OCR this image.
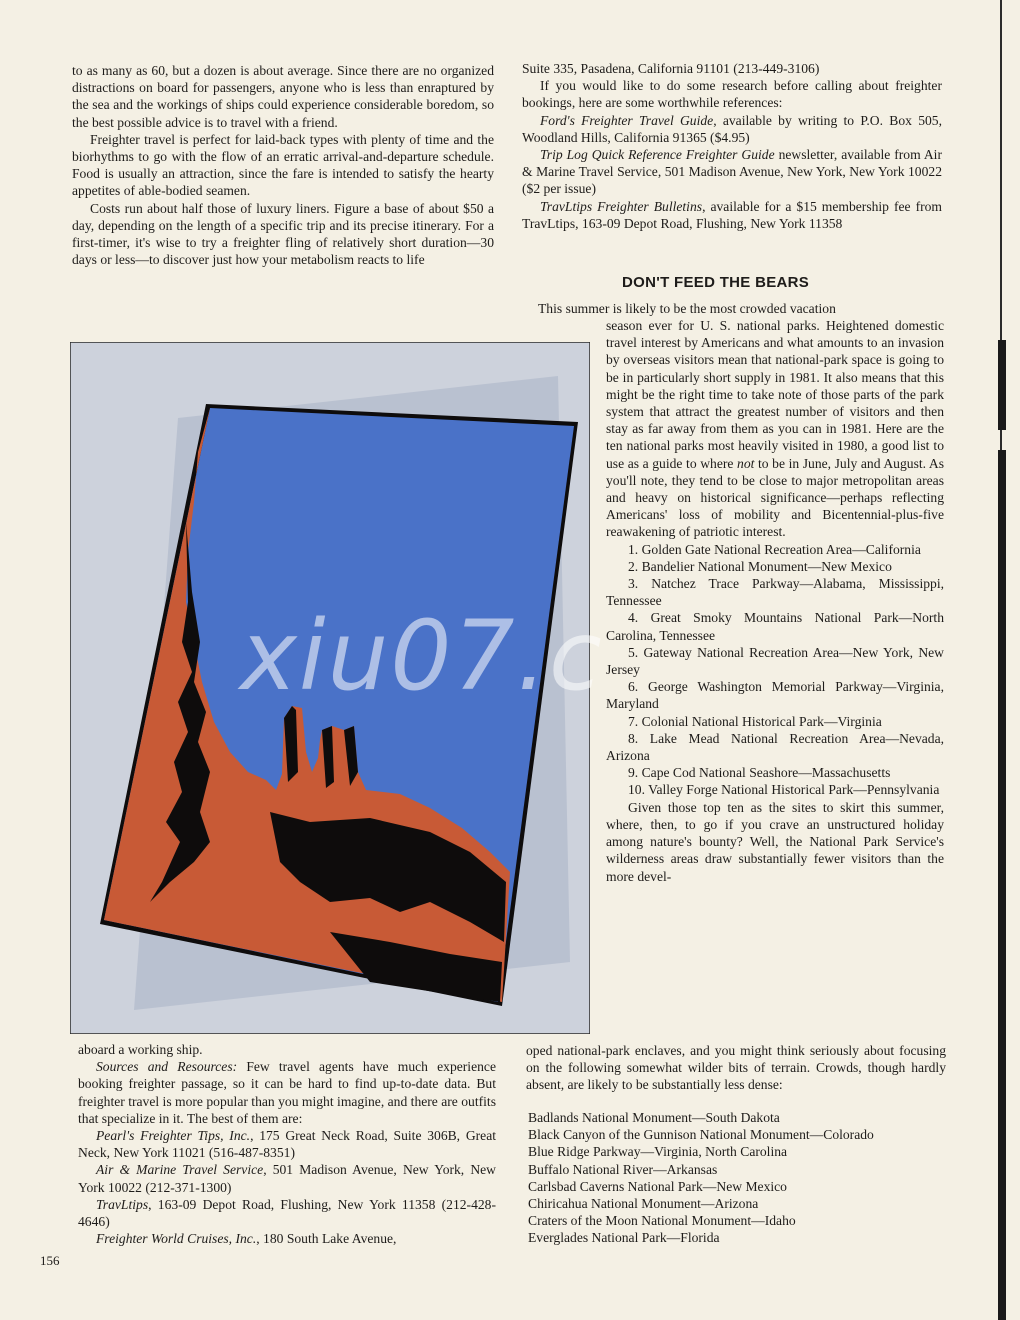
to as many as 60, but a dozen is about average. Since there are no organized distractions on board for passengers, anyone who is less than enraptured by the sea and the workings of ships could experience considerable boredom, so the best possible advice is to travel with a friend.

Freighter travel is perfect for laid-back types with plenty of time and the biorhythms to go with the flow of an erratic arrival-and-departure schedule. Food is usually an attraction, since the fare is intended to satisfy the hearty appetites of able-bodied seamen.

Costs run about half those of luxury liners. Figure a base of about $50 a day, depending on the length of a specific trip and its precise itinerary. For a first-timer, it's wise to try a freighter fling of relatively short duration—30 days or less—to discover just how your metabolism reacts to life

aboard a working ship.

Sources and Resources: Few travel agents have much experience booking freighter passage, so it can be hard to find up-to-date data. But freighter travel is more popular than you might imagine, and there are outfits that specialize in it. The best of them are:

Pearl's Freighter Tips, Inc., 175 Great Neck Road, Suite 306B, Great Neck, New York 11021 (516-487-8351)

Air & Marine Travel Service, 501 Madison Avenue, New York, New York 10022 (212-371-1300)

TravLtips, 163-09 Depot Road, Flushing, New York 11358 (212-428-4646)

Freighter World Cruises, Inc., 180 South Lake Avenue,

Suite 335, Pasadena, California 91101 (213-449-3106)

If you would like to do some research before calling about freighter bookings, here are some worthwhile references:

Ford's Freighter Travel Guide, available by writing to P.O. Box 505, Woodland Hills, California 91365 ($4.95)

Trip Log Quick Reference Freighter Guide newsletter, available from Air & Marine Travel Service, 501 Madison Avenue, New York, New York 10022 ($2 per issue)

TravLtips Freighter Bulletins, available for a $15 membership fee from TravLtips, 163-09 Depot Road, Flushing, New York 11358

DON'T FEED THE BEARS
This summer is likely to be the most crowded vacation

season ever for U. S. national parks. Heightened domestic travel interest by Americans and what amounts to an invasion by overseas visitors mean that national-park space is going to be in particularly short supply in 1981. It also means that this might be the right time to take note of those parts of the park system that attract the greatest number of visitors and then stay as far away from them as you can in 1981. Here are the ten national parks most heavily visited in 1980, a good list to use as a guide to where not to be in June, July and August. As you'll note, they tend to be close to major metropolitan areas and heavy on historical significance—perhaps reflecting Americans' loss of mobility and Bicentennial-plus-five reawakening of patriotic interest.

1. Golden Gate National Recreation Area—California
2. Bandelier National Monument—New Mexico
3. Natchez Trace Parkway—Alabama, Mississippi, Tennessee
4. Great Smoky Mountains National Park—North Carolina, Tennessee
5. Gateway National Recreation Area—New York, New Jersey
6. George Washington Memorial Parkway—Virginia, Maryland
7. Colonial National Historical Park—Virginia
8. Lake Mead National Recreation Area—Nevada, Arizona
9. Cape Cod National Seashore—Massachusetts
10. Valley Forge National Historical Park—Pennsylvania

Given those top ten as the sites to skirt this summer, where, then, to go if you crave an unstructured holiday among nature's bounty? Well, the National Park Service's wilderness areas draw substantially fewer visitors than the more devel-

oped national-park enclaves, and you might think seriously about focusing on the following somewhat wilder bits of terrain. Crowds, though hardly absent, are likely to be substantially less dense:
Badlands National Monument—South Dakota
Black Canyon of the Gunnison National Monument—Colorado
Blue Ridge Parkway—Virginia, North Carolina
Buffalo National River—Arkansas
Carlsbad Caverns National Park—New Mexico
Chiricahua National Monument—Arizona
Craters of the Moon National Monument—Idaho
Everglades National Park—Florida
156
xiu07.c
